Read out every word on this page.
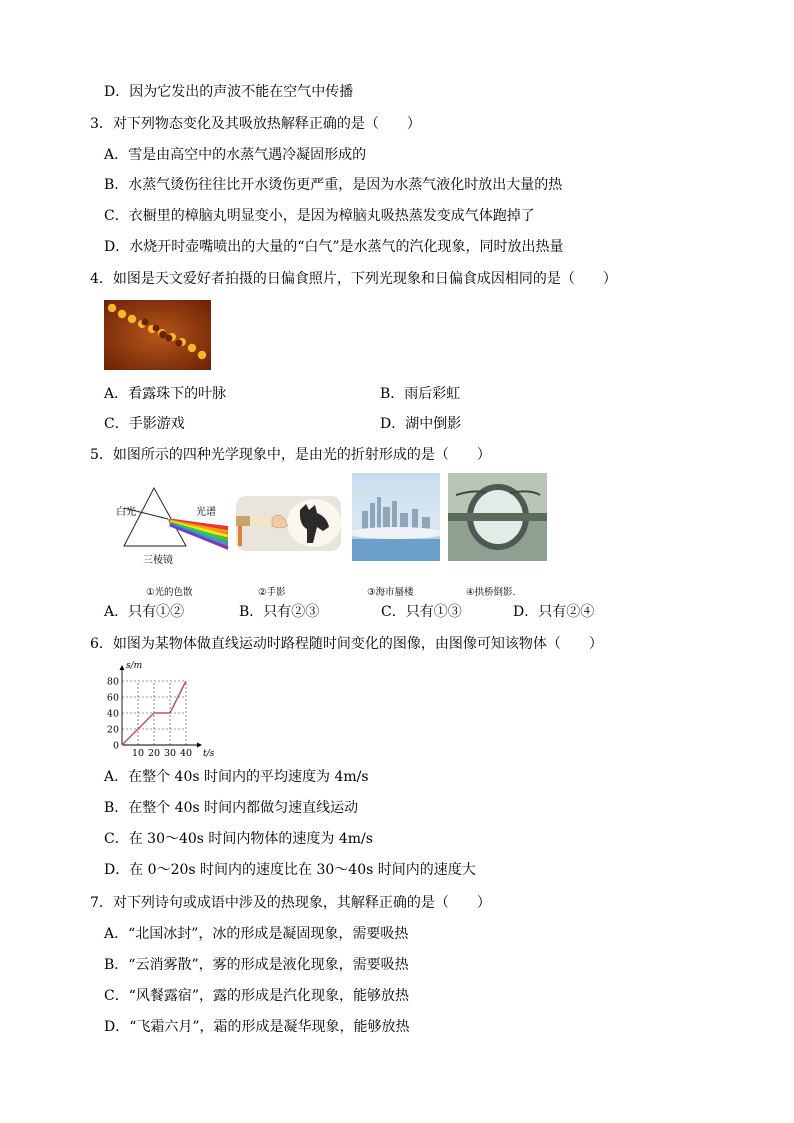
D．因为它发出的声波不能在空气中传播
3．对下列物态变化及其吸放热解释正确的是（　　）
A．雪是由高空中的水蒸气遇冷凝固形成的
B．水蒸气烫伤往往比开水烫伤更严重，是因为水蒸气液化时放出大量的热
C．衣橱里的樟脑丸明显变小，是因为樟脑丸吸热蒸发变成气体跑掉了
D．水烧开时壶嘴喷出的大量的“白气”是水蒸气的汽化现象，同时放出热量
4．如图是天文爱好者拍摄的日偏食照片，下列光现象和日偏食成因相同的是（　　）
A．看露珠下的叶脉	B．雨后彩虹
C．手影游戏	D．湖中倒影
5．如图所示的四种光学现象中，是由光的折射形成的是（　　）
白光	光谱
三棱镜
①光的色散	②手影	③海市蜃楼	④拱桥倒影.
A．只有①②	B．只有②③	C．只有①③	D．只有②④
6．如图为某物体做直线运动时路程随时间变化的图像，由图像可知该物体（　　）
10 20 30 40
0
20
40
60
80
s/m
t/s
A．在整个 40s 时间内的平均速度为 4m/s
B．在整个 40s 时间内都做匀速直线运动
C．在 30～40s 时间内物体的速度为 4m/s
D．在 0～20s 时间内的速度比在 30～40s 时间内的速度大
7．对下列诗句或成语中涉及的热现象，其解释正确的是（　　）
A．“北国冰封”，冰的形成是凝固现象，需要吸热
B．“云消雾散”，雾的形成是液化现象，需要吸热
C．“风餐露宿”，露的形成是汽化现象，能够放热
D．“飞霜六月”，霜的形成是凝华现象，能够放热
